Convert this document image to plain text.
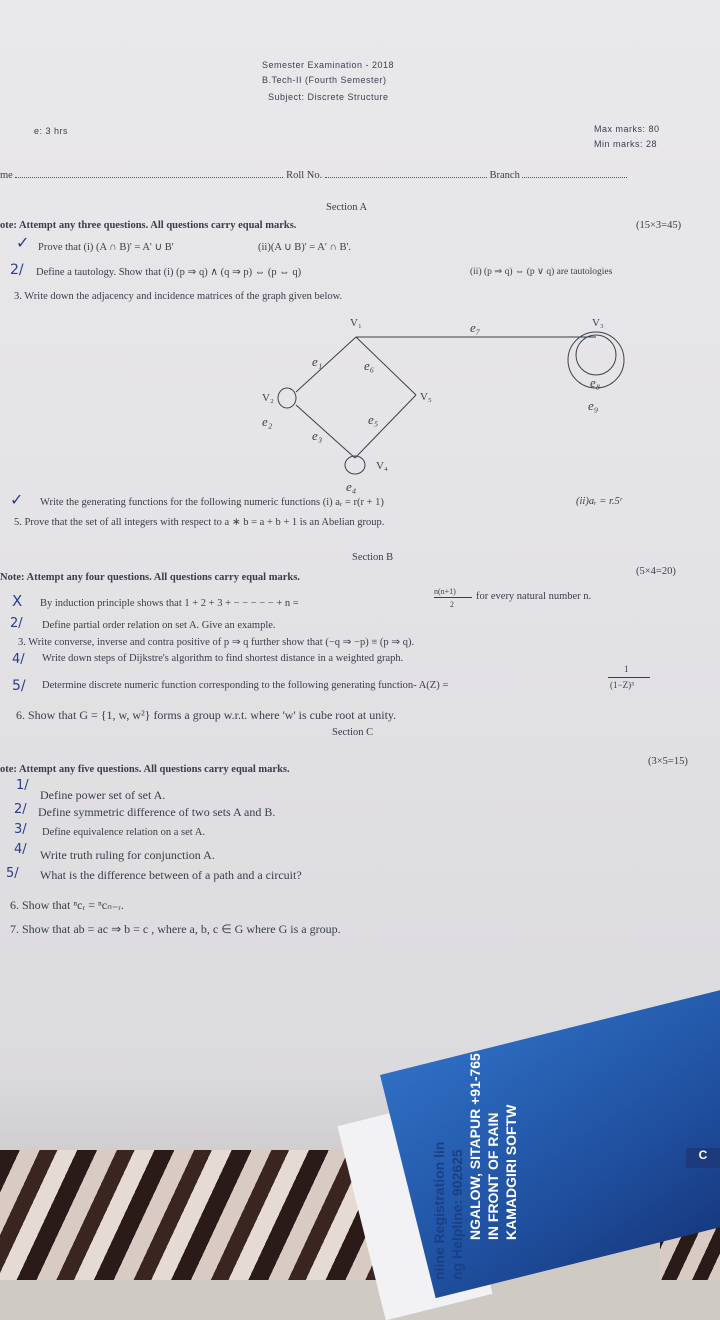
Semester Examination - 2018
B.Tech-II (Fourth Semester)
Subject: Discrete Structure
e: 3 hrs	Max marks: 80
Min marks: 28
me	Roll No.	Branch
Section A
ote: Attempt any three questions. All questions carry equal marks.	(15×3=45)
✓ Prove that (i) (A ∩ B)' = A' ∪ B'	(ii)(A ∪ B)' = A' ∩ B'.
2/ Define a tautology. Show that (i) (p ⇒ q) ∧ (q ⇒ p) ⇔ (p ⇔ q)	(ii) (p ⇒ q) ⇔ (p ∨ q) are tautologies
3. Write down the adjacency and incidence matrices of the graph given below.
V₁	V₃
V₂	V₅
V₄
e₁	e₆
e₇
e₂
e₃
e₅
e₄
e₈
e₉
✓ Write the generating functions for the following numeric functions (i) aᵣ = r(r + 1)	(ii)aᵣ = r.5ʳ
5. Prove that the set of all integers with respect to a ∗ b = a + b + 1 is an Abelian group.
Section B
Note: Attempt any four questions. All questions carry equal marks.
(5×4=20)
X By induction principle shows that 1 + 2 + 3 + − − − − − + n =
n(n+1)
2
for every natural number n.
2/ Define partial order relation on set A. Give an example.
3. Write converse, inverse and contra positive of p ⇒ q further show that (−q ⇒ −p) ≡ (p ⇒ q).
4/ Write down steps of Dijkstre's algorithm to find shortest distance in a weighted graph.
5/ Determine discrete numeric function corresponding to the following generating function- A(Z) =
1
(1−Z)³
6. Show that G = {1, w, w²} forms a group w.r.t. where 'w' is cube root at unity.
Section C
ote: Attempt any five questions. All questions carry equal marks.
(3×5=15)
1/
Define power set of set A.
2/ Define symmetric difference of two sets A and B.
3/ Define equivalence relation on a set A.
4/ Write truth ruling for conjunction A.
5/ What is the difference between of a path and a circuit?
6. Show that ⁿcᵣ = ⁿcₙ₋ᵣ.
7. Show that ab = ac ⇒ b = c , where a, b, c ∈ G where G is a group.
C
nline Registration lin ng Helpline: 902625 NGALOW, SITAPUR +91-765
IN FRONT OF RAIN KAMADGIRI SOFTW
